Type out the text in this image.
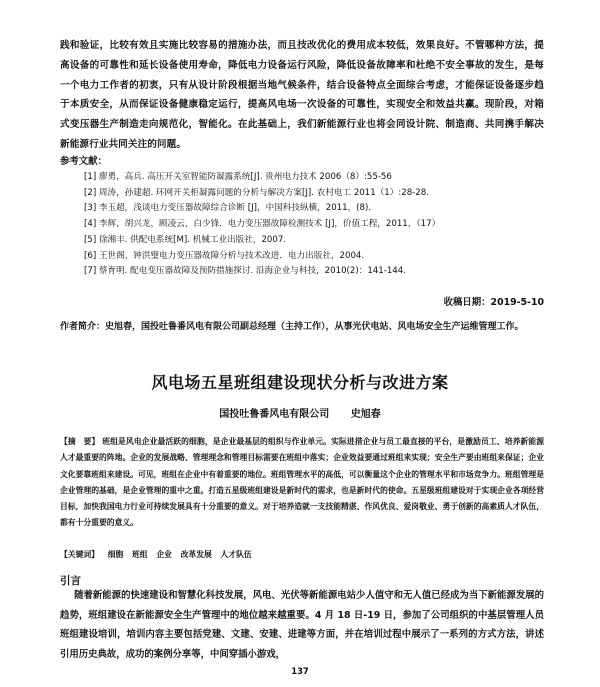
践和验证，比较有效且实施比较容易的措施办法，而且技改优化的费用成本较低，效果良好。不管哪种方法，提高设备的可靠性和延长设备使用寿命，降低电力设备运行风险，降低设备故障率和杜绝不安全事故的发生，是每一个电力工作者的初衷，只有从设计阶段根据当地气候条件，结合设备特点全面综合考虑，才能保证设备逐步趋于本质安全，从而保证设备健康稳定运行，提高风电场一次设备的可靠性，实现安全和效益共赢。现阶段，对箱式变压器生产制造走向规范化，智能化。在此基础上，我们新能源行业也将会同设计院、制造商、共同携手解决新能源行业共同关注的问题。
参考文献：
[1] 廖勇，高兵. 高压开关室智能防凝露系统[J]. 贵州电力技术 2006（8）:55-56
[2] 周涛，孙建超. 环网开关柜凝露问题的分析与解决方案[J]. 农村电工 2011（1）:28-28.
[3] 李玉超，浅谈电力变压器故障综合诊断 [J]，中国科技纵横，2011，(8)．
[4] 李辉，胡兴龙，顾凌云，白少锋．电力变压器故障检测技术 [J]，价值工程，2011，（17）
[5] 徐湘丰. 供配电系统[M]. 机械工业出版社，2007.
[6] 王世阁，钟洪璧电力变压器故障分析与技术改进．电力出版社，2004.
[7] 蔡育明. 配电变压器故障及预防措施探讨. 沿海企业与科技，2010(2)：141-144.
收稿日期：2019-5-10
作者简介：史旭春，国投吐鲁番风电有限公司副总经理（主持工作），从事光伏电站、风电场安全生产运维管理工作。
风电场五星班组建设现状分析与改进方案
国投吐鲁番风电有限公司 史旭春
【摘　要】 班组是风电企业最活跃的细胞，是企业最基层的组织与作业单元。实际进措企业与员工最直接的平台，是激励员工、培养新能源人才最重要的阵地。企业的发展战略、管理理念和管理目标需要在班组中落实；企业效益要通过班组来实现；安全生产要由班组来保证；企业文化要靠班组来建设。可见，班组在企业中有着重要的地位。班组管理水平的高低，可以衡量这个企业的管理水平和市场竞争力。班组管理是企业管理的基础，是企业管理的重中之重。打造五星级班组建设是新时代的需求，也是新时代的使命。五星级班组建设对于实现企业各项经营目标，加快我国电力行业可持续发展具有十分重要的意义。对于培养造就一支技能精湛、作风优良、爱岗敬业、勇于创新的高素质人才队伍，都有十分重要的意义。
【关键词】 细胞 班组 企业 改革发展 人才队伍
引言
随着新能源的快速建设和智慧化科技发展，风电、光伏等新能源电站少人值守和无人值已经成为当下新能源发展的趋势，班组建设在新能源安全生产管理中的地位越来越重要。4 月 18 日-19 日，参加了公司组织的中基层管理人员班组建设培训，培训内容主要包括党建、文建、安建、进建等方面，并在培训过程中展示了一系列的方式方法，讲述引用历史典故，成功的案例分享等，中间穿插小游戏，
137
